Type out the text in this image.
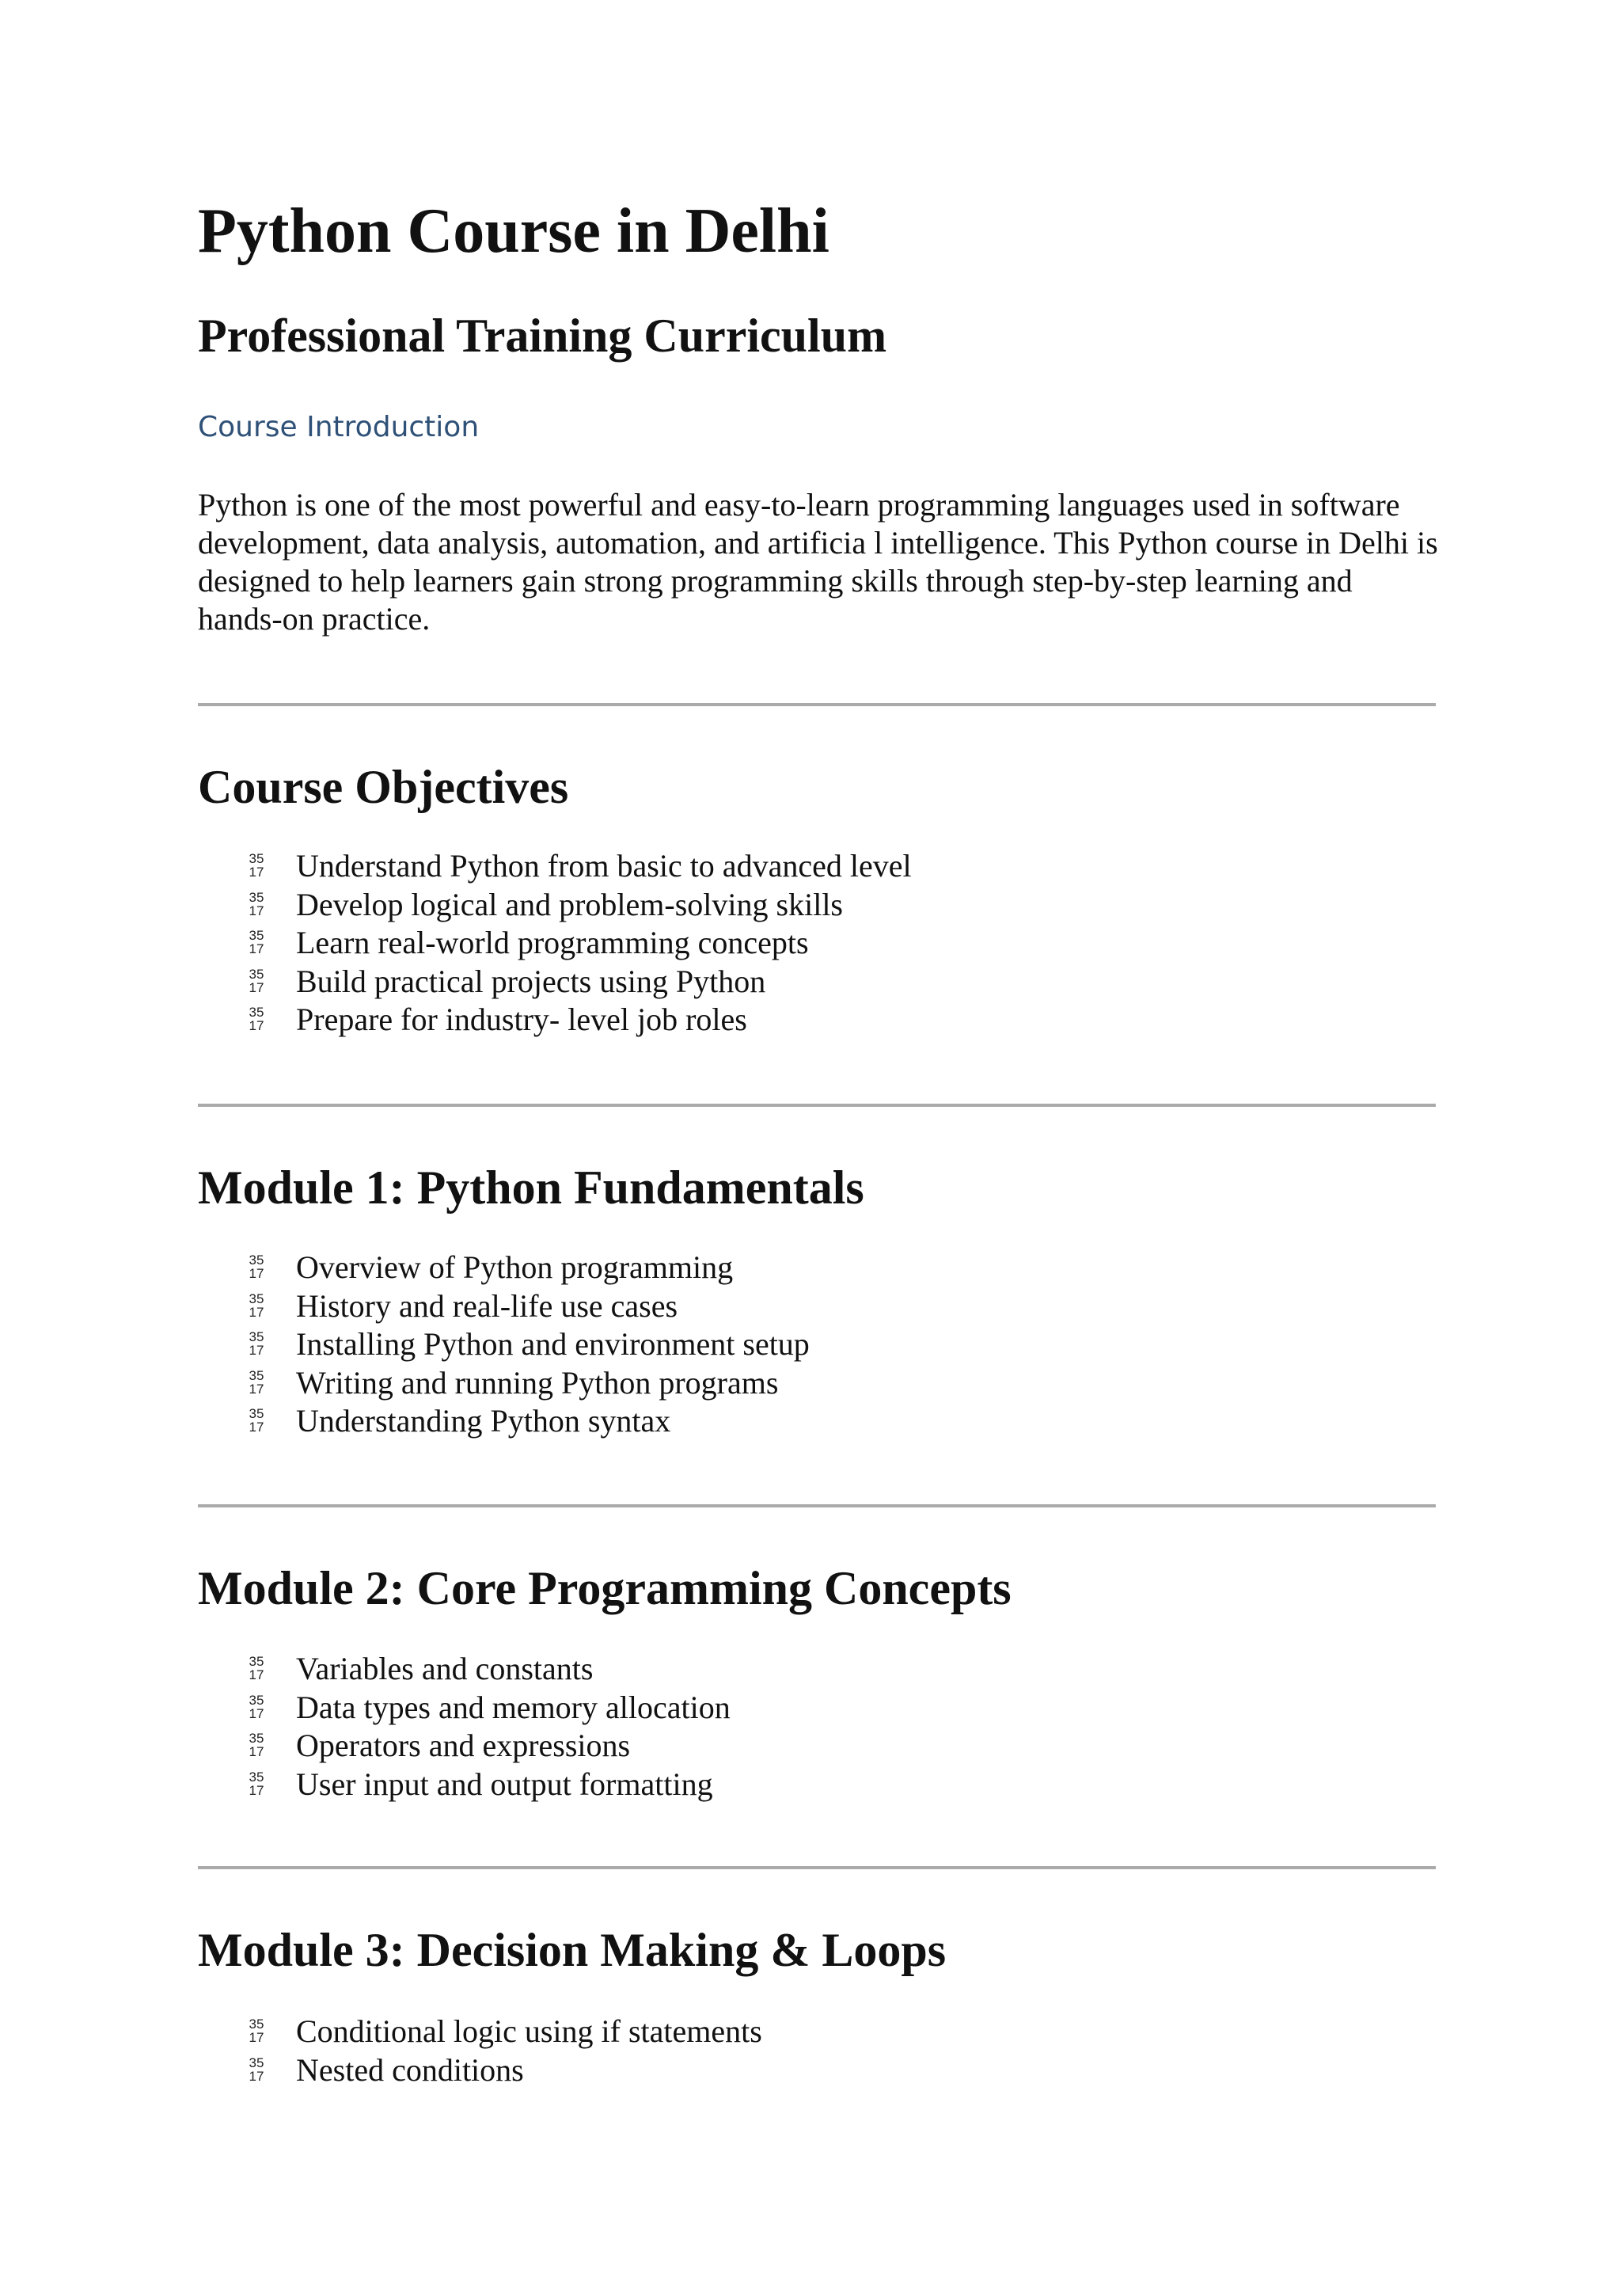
Python Course in Delhi
Professional Training Curriculum
Course Introduction

Python is one of the most powerful and easy-to-learn programming languages used in software development, data analysis, automation, and artificia l intelligence. This Python course in Delhi is designed to help learners gain strong programming skills through step-by-step learning and hands-on practice.

Course Objectives
35
17 Understand Python from basic to advanced level
35
17 Develop logical and problem-solving skills
35
17 Learn real-world programming concepts
35
17 Build practical projects using Python
35
17 Prepare for industry- level job roles
Module 1: Python Fundamentals
35
17 Overview of Python programming
35
17 History and real-life use cases
35
17 Installing Python and environment setup
35
17 Writing and running Python programs
35
17 Understanding Python syntax
Module 2: Core Programming Concepts
35
17 Variables and constants
35
17 Data types and memory allocation
35
17 Operators and expressions
35
17 User input and output formatting
Module 3: Decision Making & Loops
35
17 Conditional logic using if statements
35
17 Nested conditions
